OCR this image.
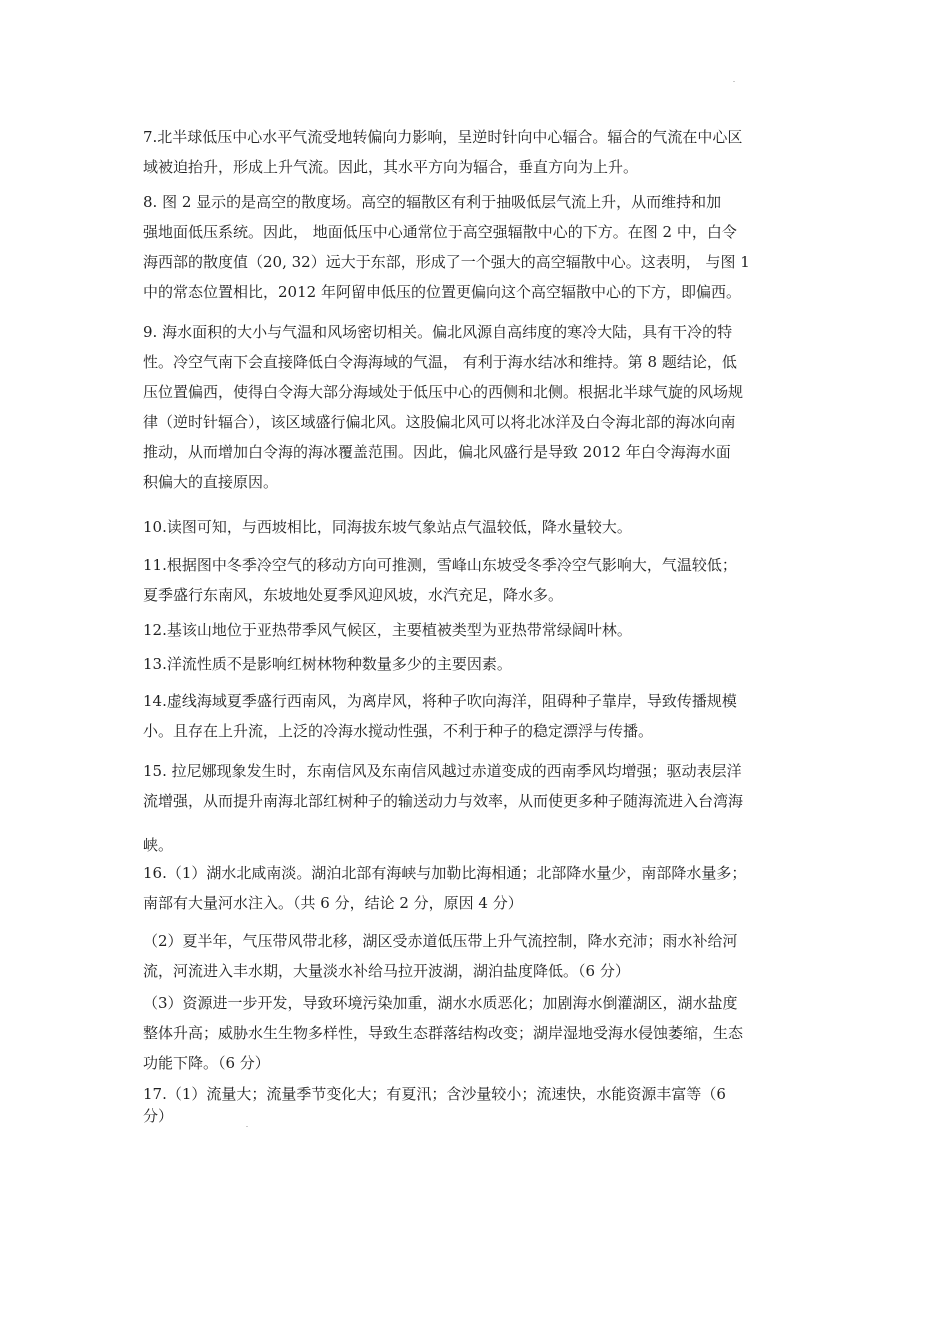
7.北半球低压中心水平气流受地转偏向力影响，呈逆时针向中心辐合。辐合的气流在中心区
域被迫抬升，形成上升气流。因此，其水平方向为辐合，垂直方向为上升。
8. 图 2 显示的是高空的散度场。高空的辐散区有利于抽吸低层气流上升，从而维持和加
强地面低压系统。因此， 地面低压中心通常位于高空强辐散中心的下方。在图 2 中，白令
海西部的散度值（20, 32）远大于东部，形成了一个强大的高空辐散中心。这表明， 与图 1
中的常态位置相比，2012 年阿留申低压的位置更偏向这个高空辐散中心的下方，即偏西。
9. 海水面积的大小与气温和风场密切相关。偏北风源自高纬度的寒冷大陆，具有干冷的特
性。冷空气南下会直接降低白令海海域的气温， 有利于海水结冰和维持。第 8 题结论，低
压位置偏西，使得白令海大部分海域处于低压中心的西侧和北侧。根据北半球气旋的风场规
律（逆时针辐合），该区域盛行偏北风。这股偏北风可以将北冰洋及白令海北部的海冰向南
推动，从而增加白令海的海冰覆盖范围。因此，偏北风盛行是导致 2012 年白令海海水面
积偏大的直接原因。
10.读图可知，与西坡相比，同海拔东坡气象站点气温较低，降水量较大。
11.根据图中冬季冷空气的移动方向可推测，雪峰山东坡受冬季冷空气影响大，气温较低；
夏季盛行东南风，东坡地处夏季风迎风坡，水汽充足，降水多。
12.基该山地位于亚热带季风气候区，主要植被类型为亚热带常绿阔叶林。
13.洋流性质不是影响红树林物种数量多少的主要因素。
14.虚线海域夏季盛行西南风，为离岸风，将种子吹向海洋，阻碍种子靠岸，导致传播规模
小。且存在上升流，上泛的冷海水搅动性强，不利于种子的稳定漂浮与传播。
15. 拉尼娜现象发生时，东南信风及东南信风越过赤道变成的西南季风均增强；驱动表层洋
流增强，从而提升南海北部红树种子的输送动力与效率，从而使更多种子随海流进入台湾海
峡。
16.（1）湖水北咸南淡。湖泊北部有海峡与加勒比海相通；北部降水量少，南部降水量多；
南部有大量河水注入。（共 6 分，结论 2 分，原因 4 分）
（2）夏半年，气压带风带北移，湖区受赤道低压带上升气流控制，降水充沛；雨水补给河
流，河流进入丰水期，大量淡水补给马拉开波湖，湖泊盐度降低。（6 分）
（3）资源进一步开发，导致环境污染加重，湖水水质恶化；加剧海水倒灌湖区，湖水盐度
整体升高；威胁水生生物多样性，导致生态群落结构改变；湖岸湿地受海水侵蚀萎缩，生态
功能下降。（6 分）
17.（1）流量大；流量季节变化大；有夏汛；含沙量较小；流速快，水能资源丰富等（6
分）
